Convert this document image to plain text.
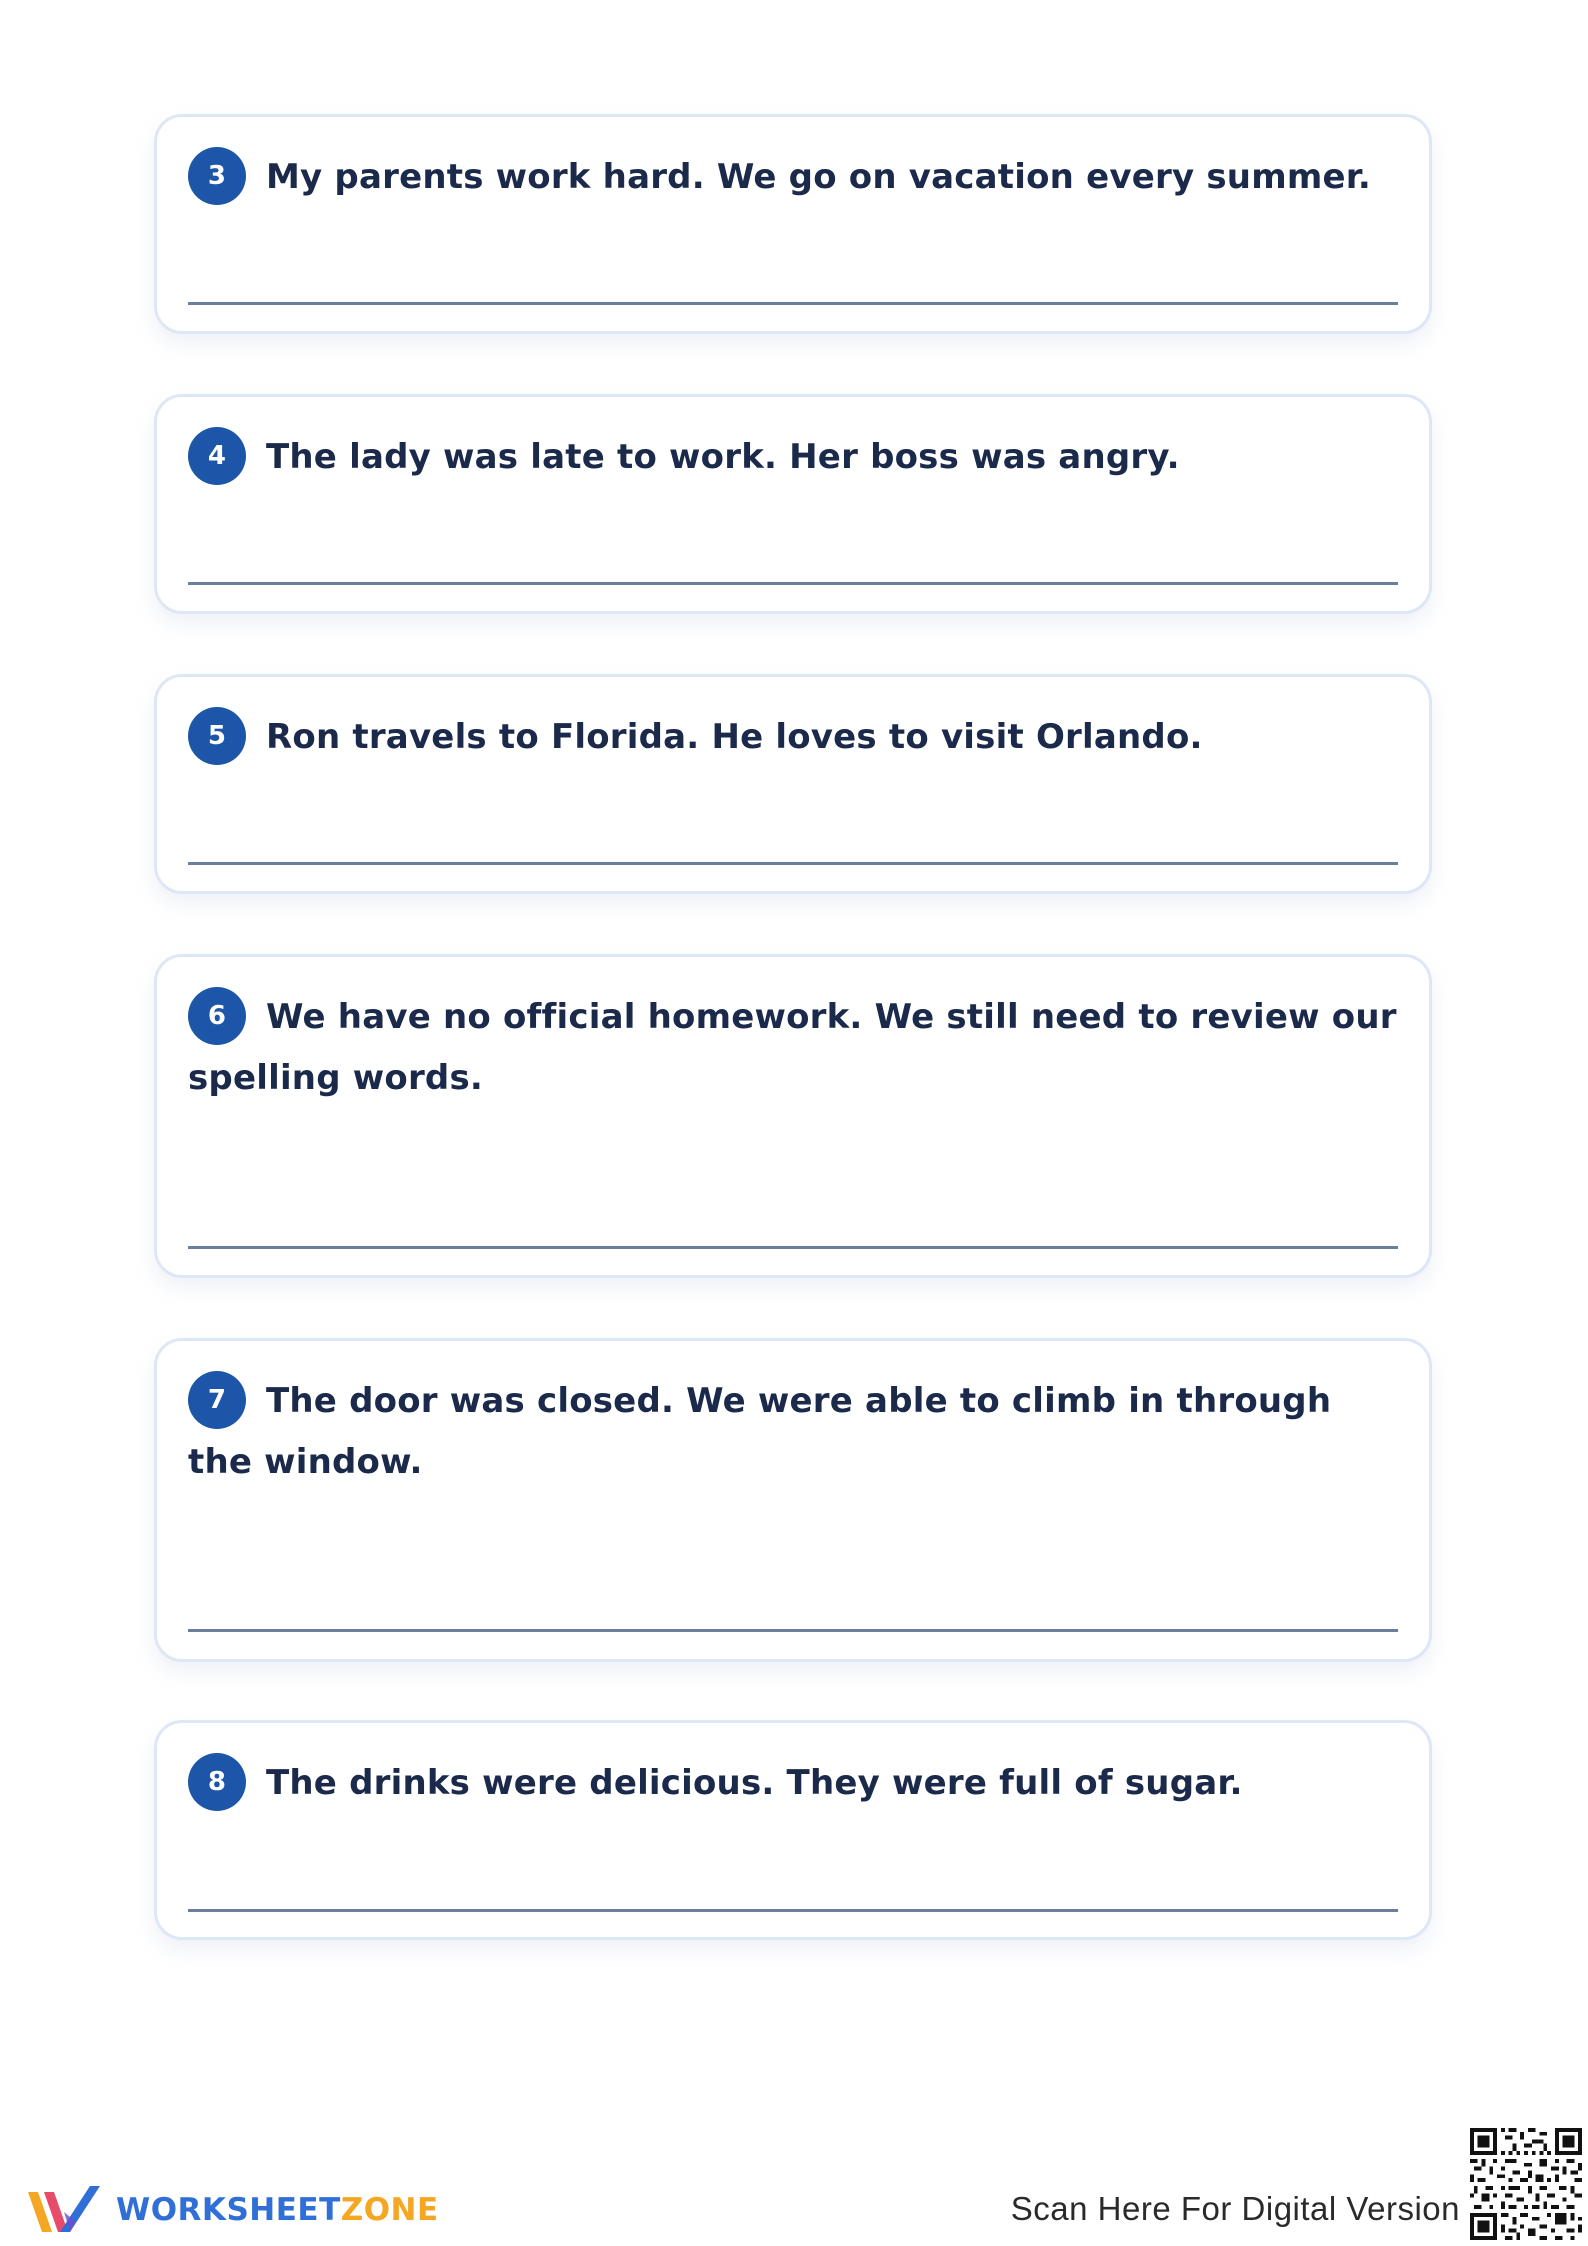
3 My parents work hard. We go on vacation every summer.
4 The lady was late to work. Her boss was angry.
5 Ron travels to Florida. He loves to visit Orlando.
6 We have no official homework. We still need to review our spelling words.
7 The door was closed. We were able to climb in through the window.
8 The drinks were delicious. They were full of sugar.
WORKSHEETZONE	Scan Here For Digital Version
